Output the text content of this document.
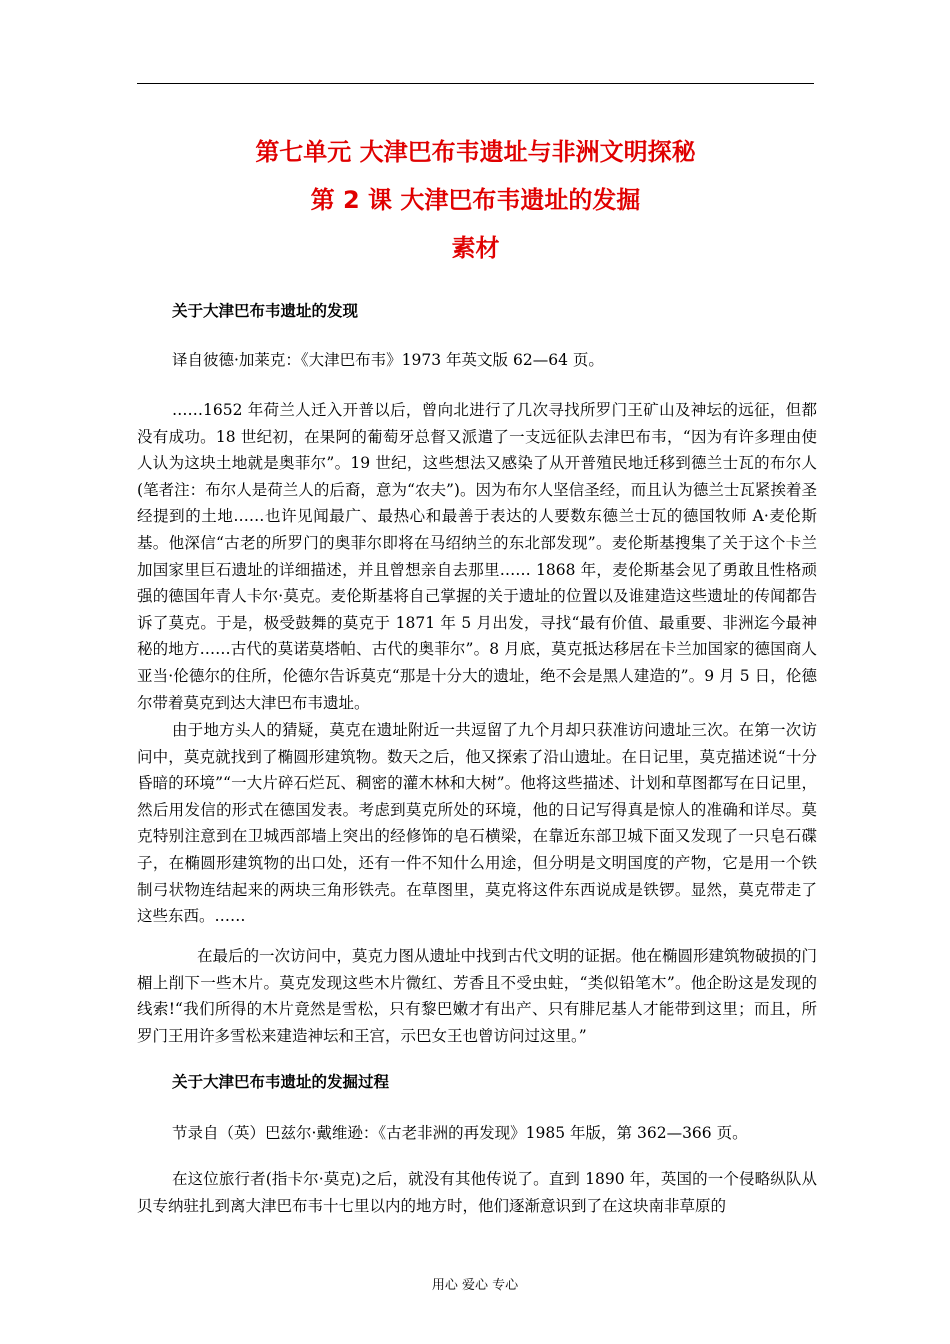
第七单元 大津巴布韦遗址与非洲文明探秘
第 2 课 大津巴布韦遗址的发掘
素材
关于大津巴布韦遗址的发现
译自彼德·加莱克：《大津巴布韦》1973 年英文版 62—64 页。

……1652 年荷兰人迁入开普以后，曾向北进行了几次寻找所罗门王矿山及神坛的远征，但都没有成功。18 世纪初，在果阿的葡萄牙总督又派遣了一支远征队去津巴布韦，“因为有许多理由使人认为这块土地就是奥菲尔”。19 世纪，这些想法又感染了从开普殖民地迁移到德兰士瓦的布尔人(笔者注：布尔人是荷兰人的后裔，意为“农夫”)。因为布尔人坚信圣经，而且认为德兰士瓦紧挨着圣经提到的土地……也许见闻最广、最热心和最善于表达的人要数东德兰士瓦的德国牧师 A·麦伦斯基。他深信“古老的所罗门的奥菲尔即将在马绍纳兰的东北部发现”。麦伦斯基搜集了关于这个卡兰加国家里巨石遗址的详细描述，并且曾想亲自去那里…… 1868 年，麦伦斯基会见了勇敢且性格顽强的德国年青人卡尔·莫克。麦伦斯基将自己掌握的关于遗址的位置以及谁建造这些遗址的传闻都告诉了莫克。于是，极受鼓舞的莫克于 1871 年 5 月出发，寻找“最有价值、最重要、非洲迄今最神秘的地方……古代的莫诺莫塔帕、古代的奥菲尔”。8 月底，莫克抵达移居在卡兰加国家的德国商人亚当·伦德尔的住所，伦德尔告诉莫克“那是十分大的遗址，绝不会是黑人建造的”。9 月 5 日，伦德尔带着莫克到达大津巴布韦遗址。

由于地方头人的猜疑，莫克在遗址附近一共逗留了九个月却只获准访问遗址三次。在第一次访问中，莫克就找到了椭圆形建筑物。数天之后，他又探索了沿山遗址。在日记里，莫克描述说“十分昏暗的环境”“一大片碎石烂瓦、稠密的灌木林和大树”。他将这些描述、计划和草图都写在日记里，然后用发信的形式在德国发表。考虑到莫克所处的环境，他的日记写得真是惊人的准确和详尽。莫克特别注意到在卫城西部墙上突出的经修饰的皂石横梁，在靠近东部卫城下面又发现了一只皂石碟子，在椭圆形建筑物的出口处，还有一件不知什么用途，但分明是文明国度的产物，它是用一个铁制弓状物连结起来的两块三角形铁壳。在草图里，莫克将这件东西说成是铁锣。显然，莫克带走了这些东西。……

在最后的一次访问中，莫克力图从遗址中找到古代文明的证据。他在椭圆形建筑物破损的门楣上削下一些木片。莫克发现这些木片微红、芳香且不受虫蛀，“类似铅笔木”。他企盼这是发现的线索!“我们所得的木片竟然是雪松，只有黎巴嫩才有出产、只有腓尼基人才能带到这里；而且，所罗门王用许多雪松来建造神坛和王宫，示巴女王也曾访问过这里。”

关于大津巴布韦遗址的发掘过程
节录自（英）巴兹尔·戴维逊：《古老非洲的再发现》1985 年版，第 362—366 页。

在这位旅行者(指卡尔·莫克)之后，就没有其他传说了。直到 1890 年，英国的一个侵略纵队从贝专纳驻扎到离大津巴布韦十七里以内的地方时，他们逐渐意识到了在这块南非草原的

用心 爱心 专心
